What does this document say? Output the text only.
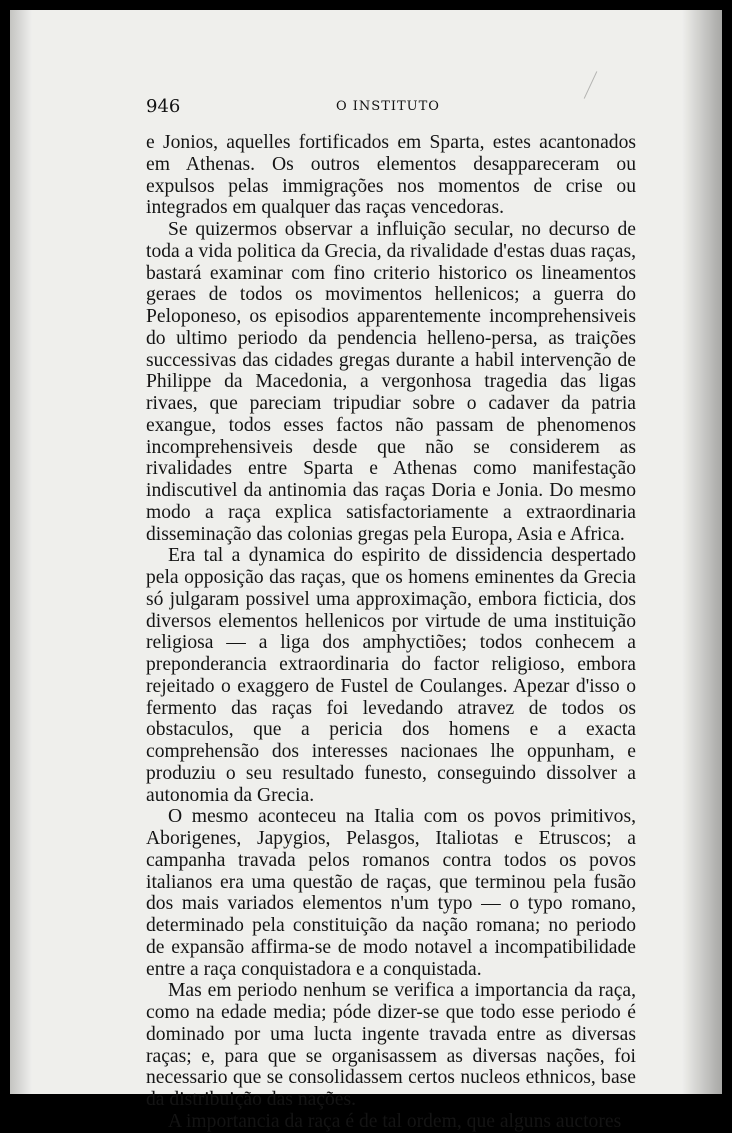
946	O INSTITUTO

e Jonios, aquelles fortificados em Sparta, estes acantonados em Athenas. Os outros elementos desappareceram ou expulsos pelas immigrações nos momentos de crise ou integrados em qualquer das raças vencedoras.

Se quizermos observar a influição secular, no decurso de toda a vida politica da Grecia, da rivalidade d'estas duas raças, bastará examinar com fino criterio historico os lineamentos geraes de todos os movimentos hellenicos; a guerra do Peloponeso, os episodios apparentemente incomprehensiveis do ultimo periodo da pendencia helleno-persa, as traições successivas das cidades gregas durante a habil intervenção de Philippe da Macedonia, a vergonhosa tragedia das ligas rivaes, que pareciam tripudiar sobre o cadaver da patria exangue, todos esses factos não passam de phenomenos incomprehensiveis desde que não se considerem as rivalidades entre Sparta e Athenas como manifestação indiscutivel da antinomia das raças Doria e Jonia. Do mesmo modo a raça explica satisfactoriamente a extraordinaria disseminação das colonias gregas pela Europa, Asia e Africa.

Era tal a dynamica do espirito de dissidencia despertado pela opposição das raças, que os homens eminentes da Grecia só julgaram possivel uma approximação, embora ficticia, dos diversos elementos hellenicos por virtude de uma instituição religiosa — a liga dos amphyctiões; todos conhecem a preponderancia extraordinaria do factor religioso, embora rejeitado o exaggero de Fustel de Coulanges. Apezar d'isso o fermento das raças foi levedando atravez de todos os obstaculos, que a pericia dos homens e a exacta comprehensão dos interesses nacionaes lhe oppunham, e produziu o seu resultado funesto, conseguindo dissolver a autonomia da Grecia.

O mesmo aconteceu na Italia com os povos primitivos, Aborigenes, Japygios, Pelasgos, Italiotas e Etruscos; a campanha travada pelos romanos contra todos os povos italianos era uma questão de raças, que terminou pela fusão dos mais variados elementos n'um typo — o typo romano, determinado pela constituição da nação romana; no periodo de expansão affirma-se de modo notavel a incompatibilidade entre a raça conquistadora e a conquistada.

Mas em periodo nenhum se verifica a importancia da raça, como na edade media; póde dizer-se que todo esse periodo é dominado por uma lucta ingente travada entre as diversas raças; e, para que se organisassem as diversas nações, foi necessario que se consolidassem certos nucleos ethnicos, base da distribuição das nações.

A importancia da raça é de tal ordem, que alguns auctores
